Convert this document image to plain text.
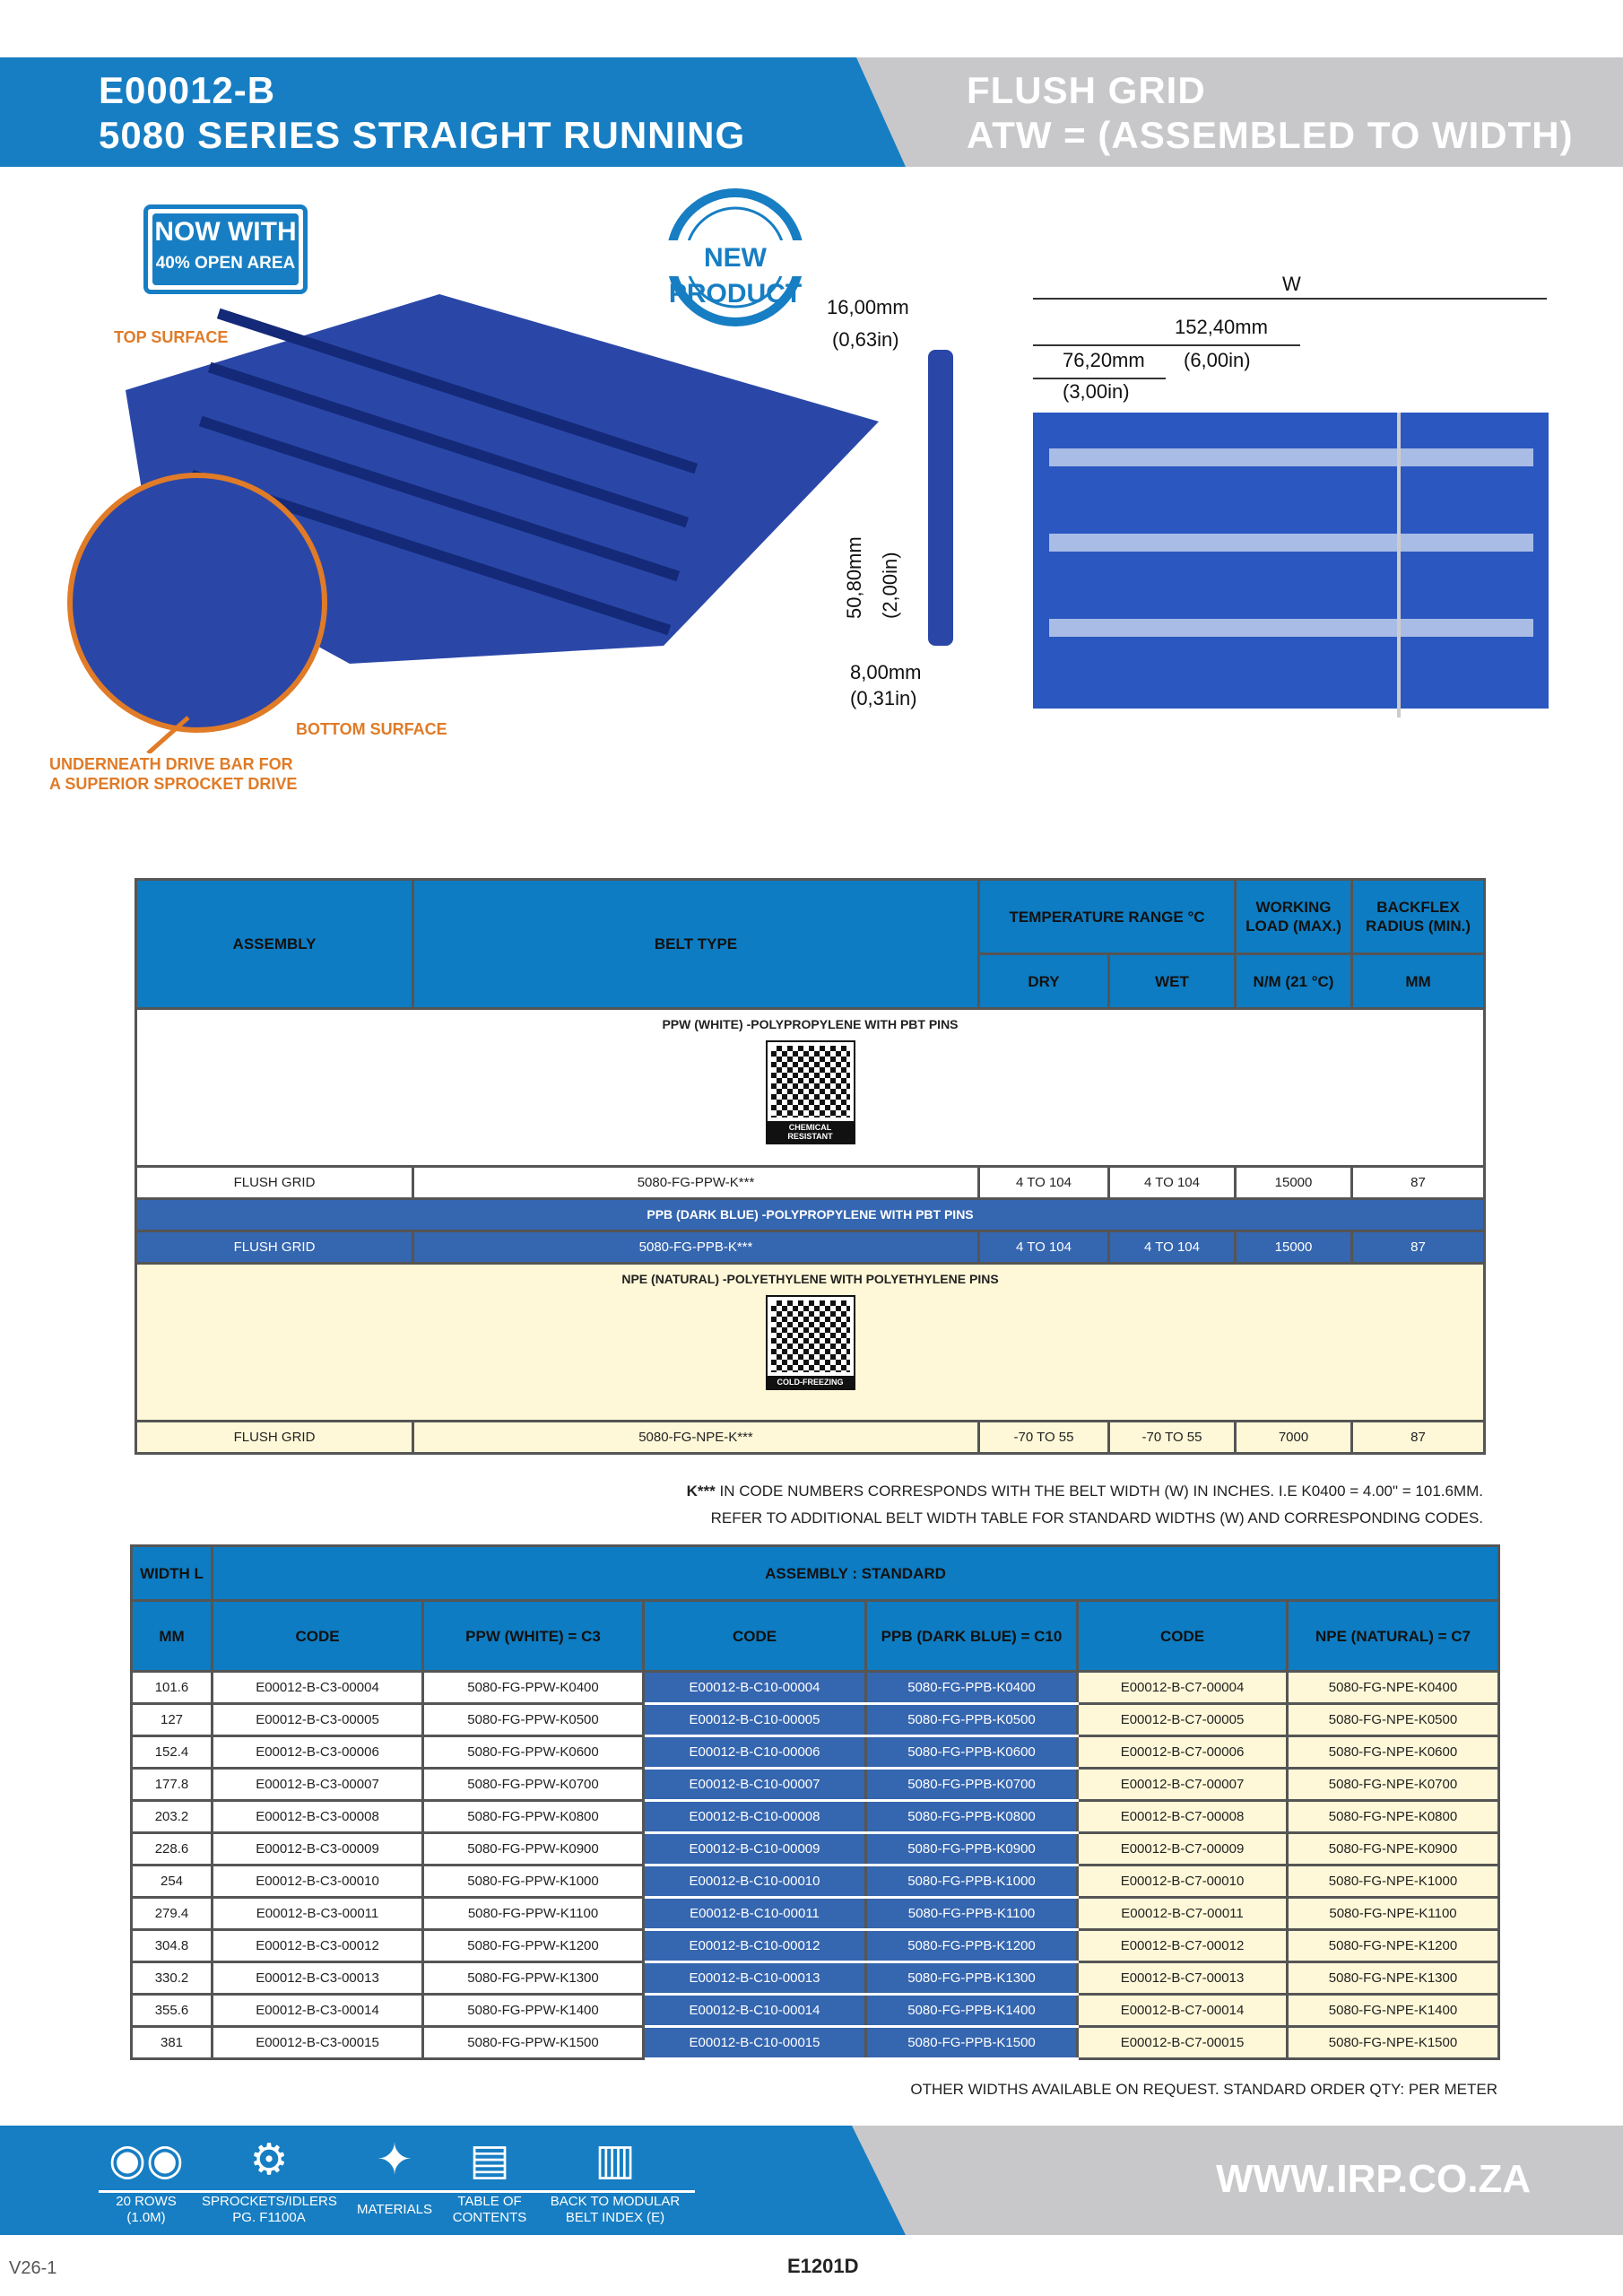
E00012-B
5080 SERIES STRAIGHT RUNNING
FLUSH GRID
ATW = (ASSEMBLED TO WIDTH)
NOW WITH
40% OPEN AREA	NEW PRODUCT
TOP SURFACE
BOTTOM SURFACE
UNDERNEATH DRIVE BAR FOR
A SUPERIOR SPROCKET DRIVE
16,00mm
(0,63in)
50,80mm (2,00in)
8,00mm
(0,31in)
W
152,40mm
76,20mm (6,00in)
(3,00in)
ASSEMBLY	BELT TYPE	TEMPERATURE RANGE °C		WORKING LOAD (MAX.)	BACKFLEX RADIUS (MIN.)
		DRY	WET	N/M (21 °C)	MM

PPW (WHITE) -POLYPROPYLENE WITH PBT PINS
CHEMICAL RESISTANT					

FLUSH GRID	5080-FG-PPW-K***	4 TO 104	4 TO 104	15000	87

PPB (DARK BLUE) -POLYPROPYLENE WITH PBT PINS					

FLUSH GRID	5080-FG-PPB-K***	4 TO 104	4 TO 104	15000	87

NPE (NATURAL) -POLYETHYLENE WITH POLYETHYLENE PINS
COLD-FREEZING					

FLUSH GRID	5080-FG-NPE-K***	-70 TO 55	-70 TO 55	7000	87
K*** IN CODE NUMBERS CORRESPONDS WITH THE BELT WIDTH (W) IN INCHES. I.E K0400 = 4.00" = 101.6MM.
REFER TO ADDITIONAL BELT WIDTH TABLE FOR STANDARD WIDTHS (W) AND CORRESPONDING CODES.
WIDTH L	ASSEMBLY : STANDARD					
MM	CODE	PPW (WHITE) = C3	CODE	PPB (DARK BLUE) = C10	CODE	NPE (NATURAL) = C7
101.6	E00012-B-C3-00004	5080-FG-PPW-K0400	E00012-B-C10-00004	5080-FG-PPB-K0400	E00012-B-C7-00004	5080-FG-NPE-K0400
127	E00012-B-C3-00005	5080-FG-PPW-K0500	E00012-B-C10-00005	5080-FG-PPB-K0500	E00012-B-C7-00005	5080-FG-NPE-K0500
152.4	E00012-B-C3-00006	5080-FG-PPW-K0600	E00012-B-C10-00006	5080-FG-PPB-K0600	E00012-B-C7-00006	5080-FG-NPE-K0600
177.8	E00012-B-C3-00007	5080-FG-PPW-K0700	E00012-B-C10-00007	5080-FG-PPB-K0700	E00012-B-C7-00007	5080-FG-NPE-K0700
203.2	E00012-B-C3-00008	5080-FG-PPW-K0800	E00012-B-C10-00008	5080-FG-PPB-K0800	E00012-B-C7-00008	5080-FG-NPE-K0800
228.6	E00012-B-C3-00009	5080-FG-PPW-K0900	E00012-B-C10-00009	5080-FG-PPB-K0900	E00012-B-C7-00009	5080-FG-NPE-K0900
254	E00012-B-C3-00010	5080-FG-PPW-K1000	E00012-B-C10-00010	5080-FG-PPB-K1000	E00012-B-C7-00010	5080-FG-NPE-K1000
279.4	E00012-B-C3-00011	5080-FG-PPW-K1100	E00012-B-C10-00011	5080-FG-PPB-K1100	E00012-B-C7-00011	5080-FG-NPE-K1100
304.8	E00012-B-C3-00012	5080-FG-PPW-K1200	E00012-B-C10-00012	5080-FG-PPB-K1200	E00012-B-C7-00012	5080-FG-NPE-K1200
330.2	E00012-B-C3-00013	5080-FG-PPW-K1300	E00012-B-C10-00013	5080-FG-PPB-K1300	E00012-B-C7-00013	5080-FG-NPE-K1300
355.6	E00012-B-C3-00014	5080-FG-PPW-K1400	E00012-B-C10-00014	5080-FG-PPB-K1400	E00012-B-C7-00014	5080-FG-NPE-K1400
381	E00012-B-C3-00015	5080-FG-PPW-K1500	E00012-B-C10-00015	5080-FG-PPB-K1500	E00012-B-C7-00015	5080-FG-NPE-K1500
OTHER WIDTHS AVAILABLE ON REQUEST. STANDARD ORDER QTY: PER METER
◉◉
20 ROWS
(1.0M)
⚙
SPROCKETS/IDLERS
PG. F1100A
✦
MATERIALS
▤
TABLE OF
CONTENTS
▥
BACK TO MODULAR
BELT INDEX (E)
WWW.IRP.CO.ZA
V26-1	E1201D
